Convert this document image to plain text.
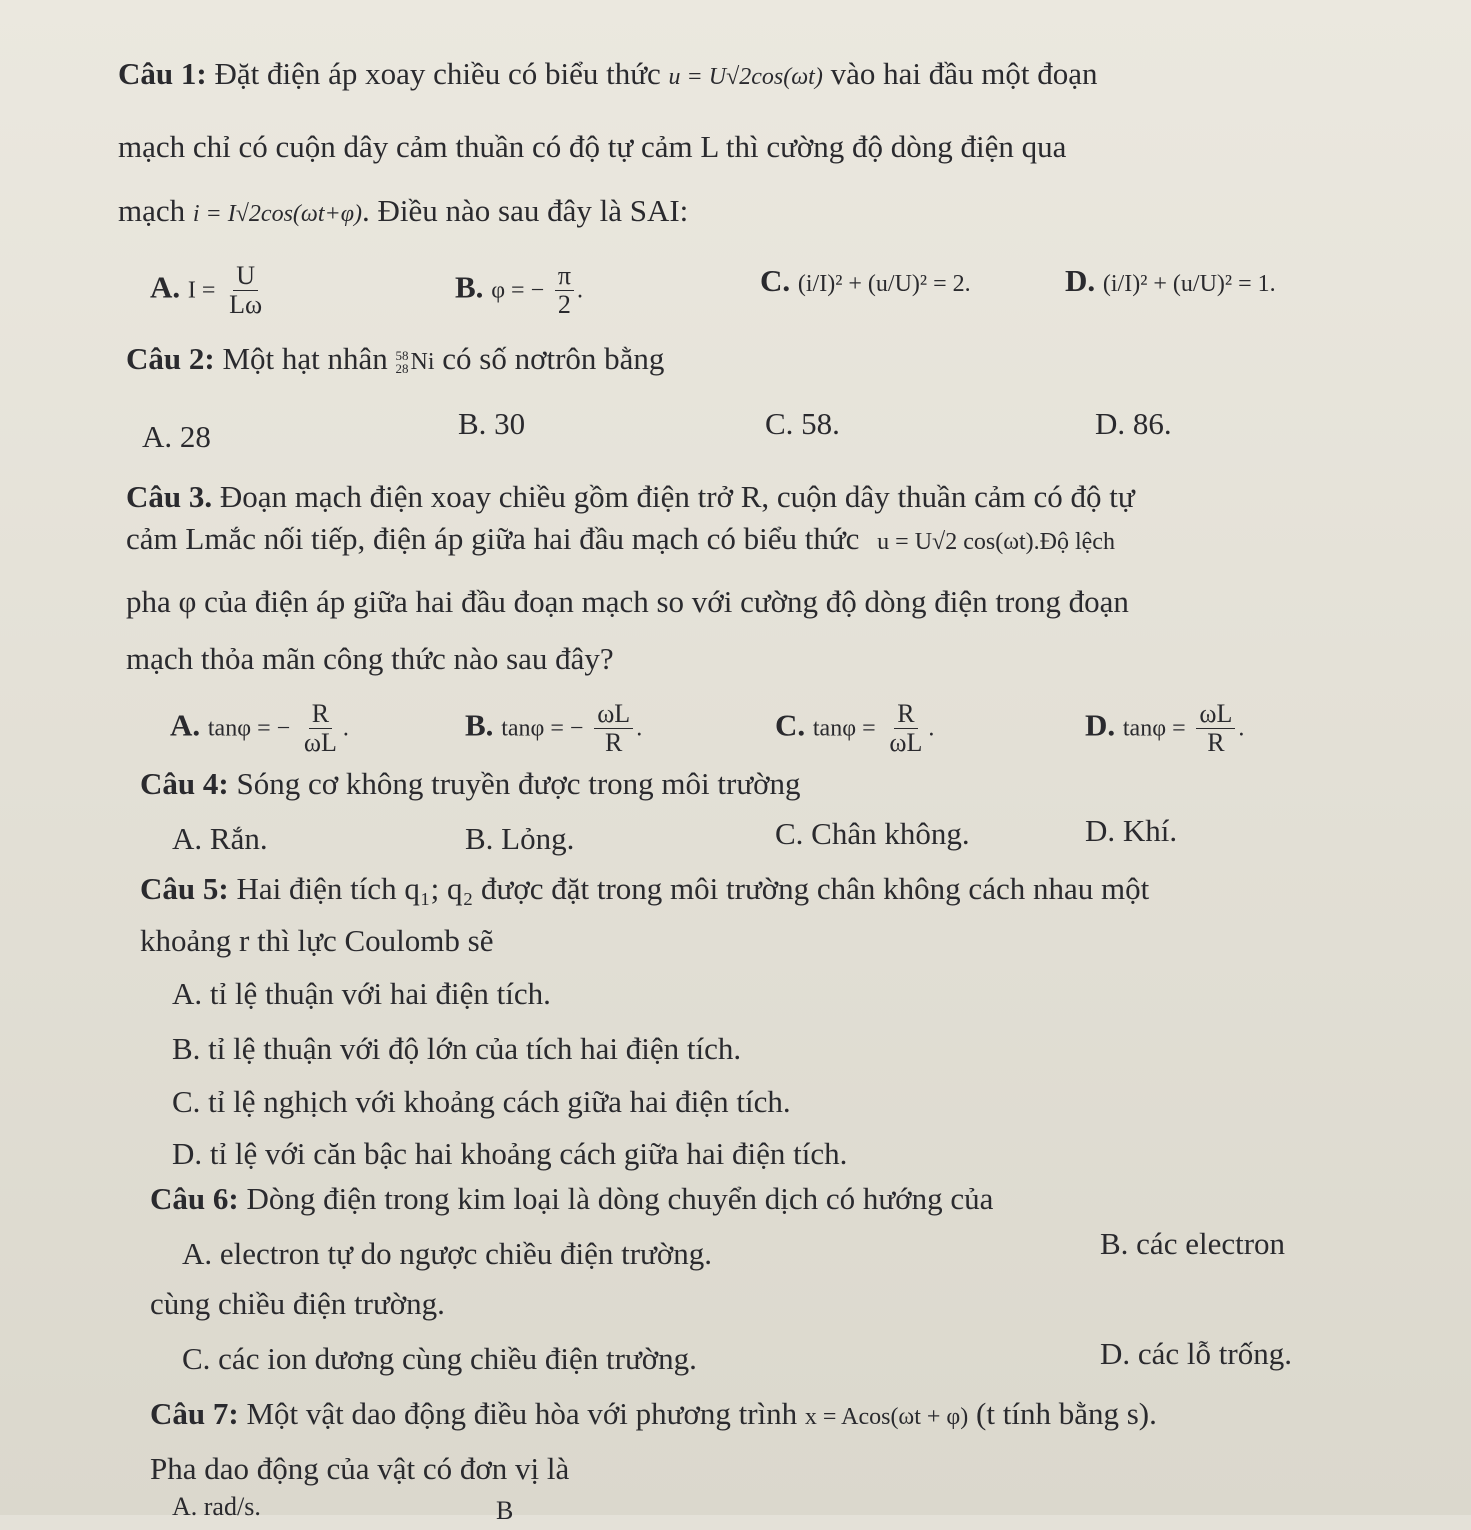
Câu 1: Đặt điện áp xoay chiều có biểu thức u = U√2cos(ωt) vào hai đầu một đoạn
mạch chỉ có cuộn dây cảm thuần có độ tự cảm L thì cường độ dòng điện qua
mạch i = I√2cos(ωt+φ). Điều nào sau đây là SAI:
A. $I = \frac{U}{L\omega}$	B. φ = − $\frac{\pi}{2}$ .	C. (i/I)² + (u/U)² = 2.	D. (i/I)² + (u/U)² = 1.
Câu 2: Một hạt nhân 58
28 Ni có số nơtrôn bằng
A. 28	B. 30	C. 58.	D. 86.
Câu 3. Đoạn mạch điện xoay chiều gồm điện trở R, cuộn dây thuần cảm có độ tự
cảm Lmắc nối tiếp, điện áp giữa hai đầu mạch có biểu thức u = U√2 cos(ωt).Độ lệch
pha φ của điện áp giữa hai đầu đoạn mạch so với cường độ dòng điện trong đoạn
mạch thỏa mãn công thức nào sau đây?
A. tanφ = − $\frac{R}{\omega L}$ .	B. tanφ = − $\frac{\omega L}{R}$ .	C. $\tan\varphi = \frac{R}{\omega L}$ .	D. $\tan\varphi = \frac{\omega L}{R}$ .
Câu 4: Sóng cơ không truyền được trong môi trường
A. Rắn.	B. Lỏng.	C. Chân không.	D. Khí.
Câu 5: Hai điện tích q₁; q₂ được đặt trong môi trường chân không cách nhau một
khoảng r thì lực Coulomb sẽ
A. tỉ lệ thuận với hai điện tích.
B. tỉ lệ thuận với độ lớn của tích hai điện tích.
C. tỉ lệ nghịch với khoảng cách giữa hai điện tích.
D. tỉ lệ với căn bậc hai khoảng cách giữa hai điện tích.
Câu 6: Dòng điện trong kim loại là dòng chuyển dịch có hướng của
A. electron tự do ngược chiều điện trường.	B. các electron
cùng chiều điện trường.
C. các ion dương cùng chiều điện trường.	D. các lỗ trống.
Câu 7: Một vật dao động điều hòa với phương trình x = Acos(ωt + φ) (t tính bằng s).
Pha dao động của vật có đơn vị là
A. rad/s.	B
